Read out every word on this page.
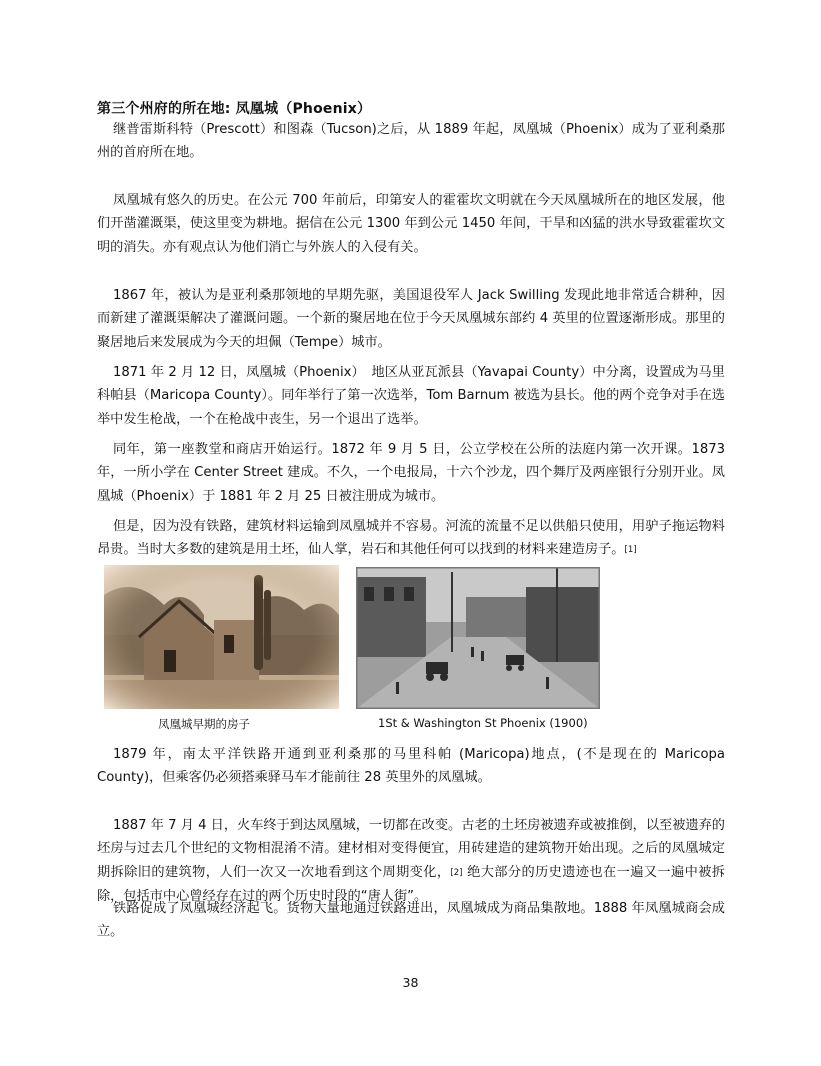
第三个州府的所在地: 凤凰城（Phoenix）

继普雷斯科特（Prescott）和图森（Tucson)之后，从 1889 年起，凤凰城（Phoenix）成为了亚利桑那州的首府所在地。

凤凰城有悠久的历史。在公元 700 年前后，印第安人的霍霍坎文明就在今天凤凰城所在的地区发展，他们开凿灌溉渠，使这里变为耕地。据信在公元 1300 年到公元 1450 年间，干旱和凶猛的洪水导致霍霍坎文明的消失。亦有观点认为他们消亡与外族人的入侵有关。

1867 年，被认为是亚利桑那领地的早期先驱，美国退役军人 Jack Swilling 发现此地非常适合耕种，因而新建了灌溉渠解决了灌溉问题。一个新的聚居地在位于今天凤凰城东部约 4 英里的位置逐渐形成。那里的聚居地后来发展成为今天的坦佩（Tempe）城市。

1871 年 2 月 12 日，凤凰城（Phoenix）　地区从亚瓦派县（Yavapai County）中分离，设置成为马里科帕县（Maricopa County）。同年举行了第一次选举，Tom Barnum 被选为县长。他的两个竞争对手在选举中发生枪战，一个在枪战中丧生，另一个退出了选举。

同年，第一座教堂和商店开始运行。1872 年 9 月 5 日，公立学校在公所的法庭内第一次开课。1873 年，一所小学在 Center Street 建成。不久，一个电报局，十六个沙龙，四个舞厅及两座银行分别开业。凤凰城（Phoenix）于 1881 年 2 月 25 日被注册成为城市。

但是，因为没有铁路，建筑材料运输到凤凰城并不容易。河流的流量不足以供船只使用，用驴子拖运物料昂贵。当时大多数的建筑是用土坯，仙人掌，岩石和其他任何可以找到的材料来建造房子。[1]

凤凰城早期的房子	1St & Washington St Phoenix (1900)

1879 年，南太平洋铁路开通到亚利桑那的马里科帕 (Maricopa)地点，(不是现在的 Maricopa County)，但乘客仍必须搭乘驿马车才能前往 28 英里外的凤凰城。

1887 年 7 月 4 日，火车终于到达凤凰城，一切都在改变。古老的土坯房被遗弃或被推倒，以至被遗弃的坯房与过去几个世纪的文物相混淆不清。建材相对变得便宜，用砖建造的建筑物开始出现。之后的凤凰城定期拆除旧的建筑物，人们一次又一次地看到这个周期变化，[2] 绝大部分的历史遗迹也在一遍又一遍中被拆除，包括市中心曾经存在过的两个历史时段的“唐人街”。

铁路促成了凤凰城经济起飞。货物大量地通过铁路进出，凤凰城成为商品集散地。1888 年凤凰城商会成立。

38
